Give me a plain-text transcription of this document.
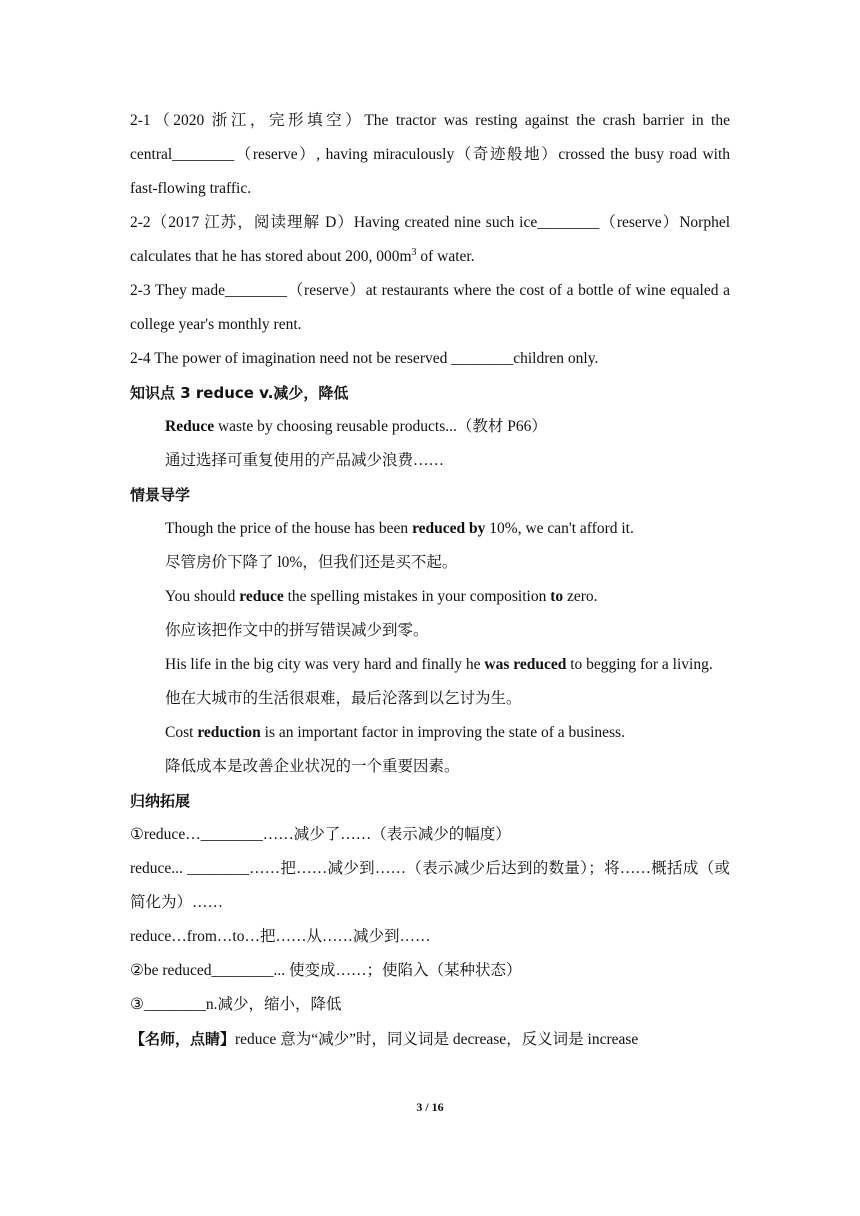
2-1（2020 浙江，完形填空）The tractor was resting against the crash barrier in the central________（reserve）, having miraculously（奇迹般地）crossed the busy road with fast-flowing traffic.

2-2（2017 江苏，阅读理解 D）Having created nine such ice________（reserve）Norphel calculates that he has stored about 200, $000m^3$ of water.

2-3 They made________（reserve）at restaurants where the cost of a bottle of wine equaled a college year's monthly rent.

2-4 The power of imagination need not be reserved ________children only.

知识点 3 reduce v.减少，降低

Reduce waste by choosing reusable products...（教材 P66）

通过选择可重复使用的产品减少浪费……

情景导学

Though the price of the house has been reduced by 10%, we can't afford it.

尽管房价下降了 l0%，但我们还是买不起。

You should reduce the spelling mistakes in your composition to zero.

你应该把作文中的拼写错误减少到零。

His life in the big city was very hard and finally he was reduced to begging for a living.

他在大城市的生活很艰难，最后沦落到以乞讨为生。

Cost reduction is an important factor in improving the state of a business.

降低成本是改善企业状况的一个重要因素。

归纳拓展

①reduce…________……减少了……（表示减少的幅度）

reduce... ________……把……减少到……（表示减少后达到的数量）；将……概括成（或简化为）……

reduce…from…to…把……从……减少到……

②be reduced________... 使变成……；使陷入（某种状态）

③________n.减少，缩小，降低

【名师，点睛】reduce 意为“减少”时，同义词是 decrease，反义词是 increase

3 / 16
